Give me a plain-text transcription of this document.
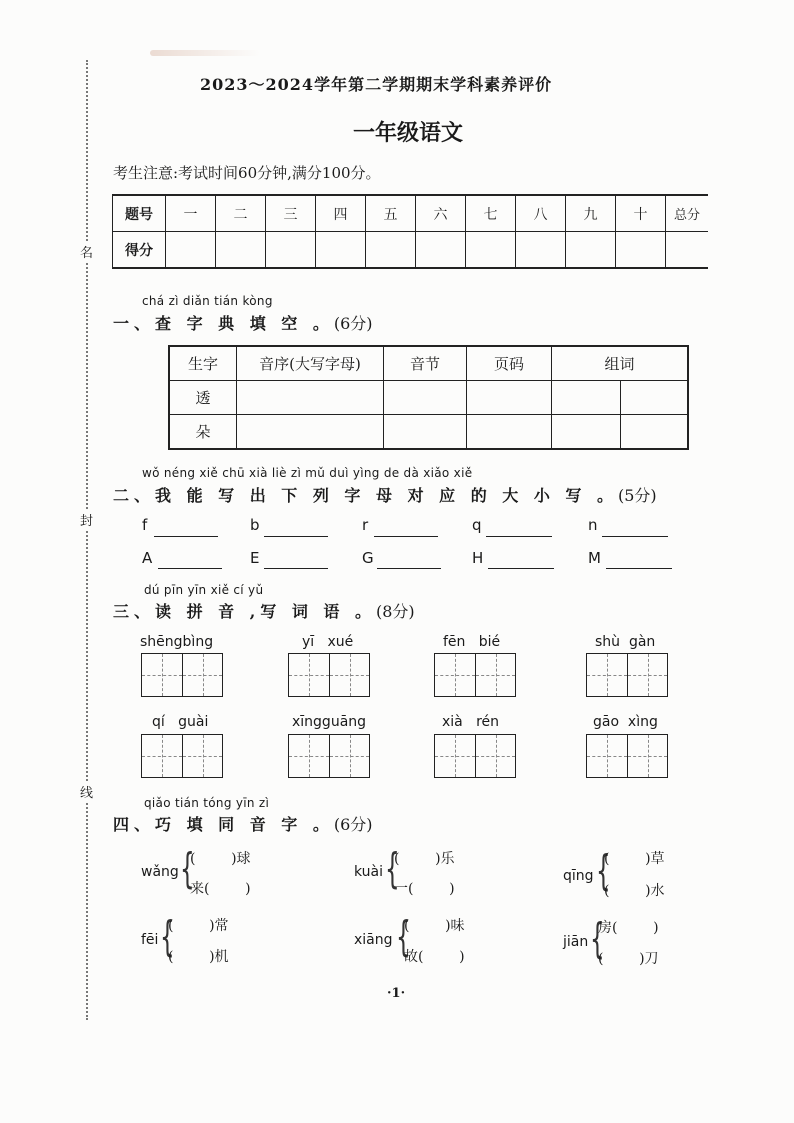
名
封
线
2023～2024学年第二学期期末学科素养评价
一年级语文
考生注意:考试时间60分钟,满分100分。
题号	一	二	三	四	五	六	七	八	九	十	总分
得分											
chá zì diǎn tián kòng
一、查 字 典 填 空 。(6分)
生字	音序(大写字母)	音节	页码	组词	
透					
朵					
wǒ néng xiě chū xià liè zì mǔ duì yìng de dà xiǎo xiě
二、我 能 写 出 下 列 字 母 对 应 的 大 小 写 。(5分)
f	b	r	q	n
A	E	G	H	M
dú pīn yīn xiě cí yǔ
三、读 拼 音 ,写 词 语 。(8分)
shēngbìng	yī   xué	fēn   bié	shù  gàn
qí   guài	xīngguāng	xià   rén	gāo  xìng
qiǎo tián tóng yīn zì
四、巧 填 同 音 字 。(6分)
wǎng {
(        )球
来(        )
kuài {
(        )乐
一(        )
qīng {
(        )草
(        )水
fēi {
(        )常
(        )机
xiāng {
(        )味
故(        )
jiān {
房(        )
(        )刀
·1·
